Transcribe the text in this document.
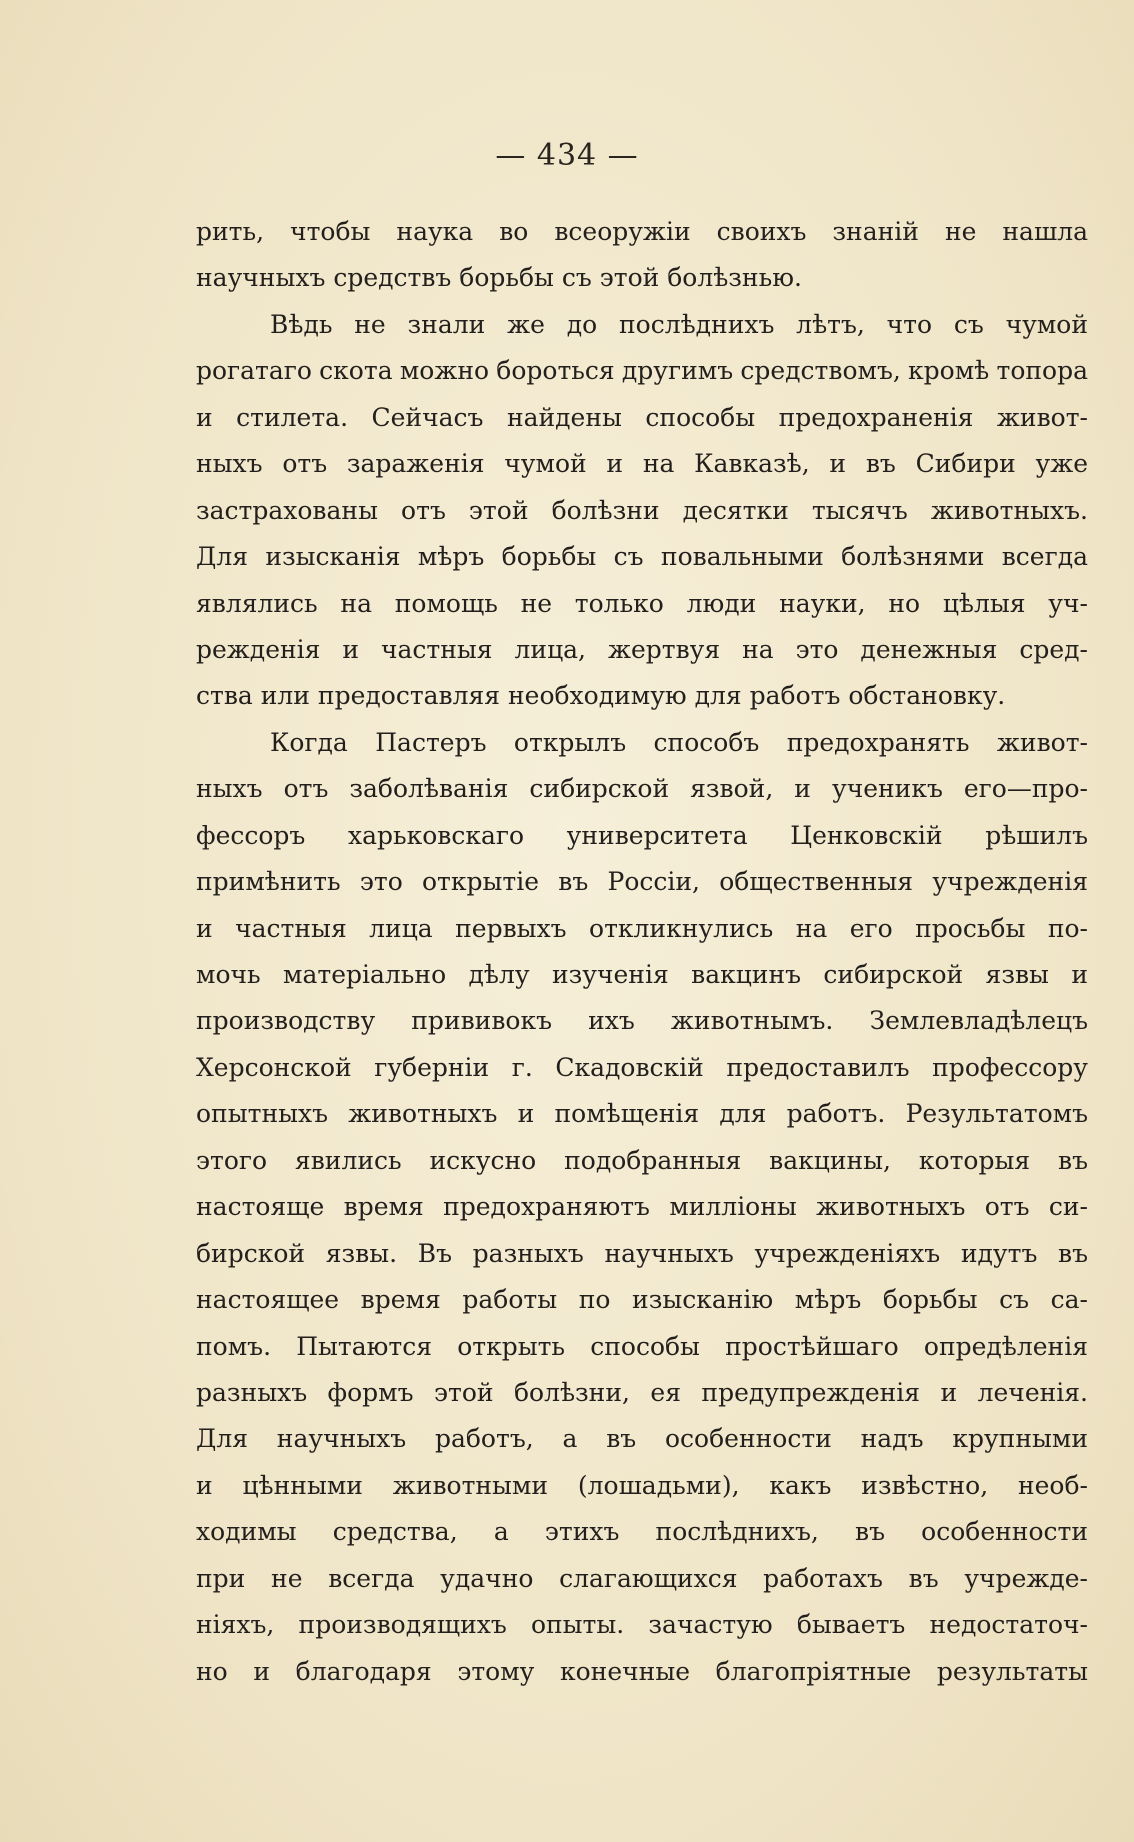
— 434 —
рить, чтобы наука во всеоружіи своихъ знаній не нашла
научныхъ средствъ борьбы съ этой болѣзнью.
Вѣдь не знали же до послѣднихъ лѣтъ, что съ чумой
рогатаго скота можно бороться другимъ средствомъ, кромѣ топора
и стилета. Сейчасъ найдены способы предохраненія живот-
ныхъ отъ зараженія чумой и на Кавказѣ, и въ Сибири уже
застрахованы отъ этой болѣзни десятки тысячъ животныхъ.
Для изысканія мѣръ борьбы съ повальными болѣзнями всегда
являлись на помощь не только люди науки, но цѣлыя уч-
режденія и частныя лица, жертвуя на это денежныя сред-
ства или предоставляя необходимую для работъ обстановку.
Когда Пастеръ открылъ способъ предохранять живот-
ныхъ отъ заболѣванія сибирской язвой, и ученикъ его—про-
фессоръ харьковскаго университета Ценковскій рѣшилъ
примѣнить это открытіе въ Россіи, общественныя учрежденія
и частныя лица первыхъ откликнулись на его просьбы по-
мочь матеріально дѣлу изученія вакцинъ сибирской язвы и
производству прививокъ ихъ животнымъ. Землевладѣлецъ
Херсонской губерніи г. Скадовскій предоставилъ профессору
опытныхъ животныхъ и помѣщенія для работъ. Результатомъ
этого явились искусно подобранныя вакцины, которыя въ
настояще время предохраняютъ милліоны животныхъ отъ си-
бирской язвы. Въ разныхъ научныхъ учрежденіяхъ идутъ въ
настоящее время работы по изысканію мѣръ борьбы съ са-
помъ. Пытаются открыть способы простѣйшаго опредѣленія
разныхъ формъ этой болѣзни, ея предупрежденія и леченія.
Для научныхъ работъ, а въ особенности надъ крупными
и цѣнными животными (лошадьми), какъ извѣстно, необ-
ходимы средства, а этихъ послѣднихъ, въ особенности
при не всегда удачно слагающихся работахъ въ учрежде-
ніяхъ, производящихъ опыты. зачастую бываетъ недостаточ-
но и благодаря этому конечные благопріятные результаты
